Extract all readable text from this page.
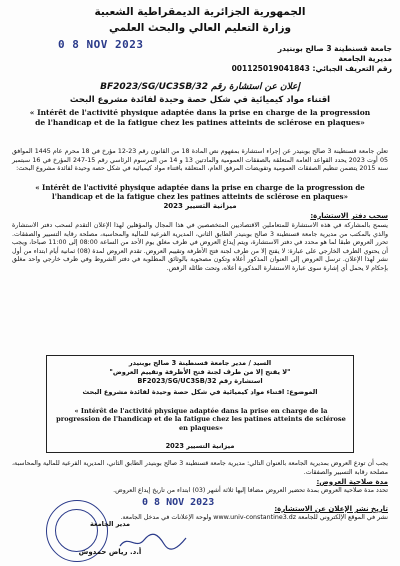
الجمهورية الجزائرية الديمقراطية الشعبية
وزارة التعليم العالي والبحث العلمي
0 8 NOV 2023	جامعة قسنطينة 3 صالح بوبنيدر
مديرية الجامعة
رقم التعريف الجبائي: 001125019041843
إعلان عن استشارة رقم BF2023/SG/UC3SB/32
اقتناء مواد كيميائية في شكل حصة وحيدة لفائدة مشروع البحث
« Intérêt de l'activité physique adaptée dans la prise en charge de la progression de l'handicap et de la fatigue chez les patines atteints de sclérose en plaques»
تعلن جامعة قسنطينة 3 صالح بوبنيدر عن إجراء استشارة بمفهوم نص المادة 18 من القانون رقم 23-12 مؤرخ في 18 محرم عام 1445 الموافق 05 أوت 2023 يحدد القواعد العامة المتعلقة بالصفقات العمومية والمادتين 13 و 14 من المرسوم الرئاسي رقم 15-247 المؤرخ في 16 سبتمبر سنة 2015 يتضمن تنظيم الصفقات العمومية وتفويضات المرفق العام، المتعلقة باقتناء مواد كيميائية في شكل حصة وحيدة لفائدة مشروع البحث:
« Intérêt de l'activité physique adaptée dans la prise en charge de la progression de l'handicap et de la fatigue chez les patines atteints de sclérose en plaques»
ميزانية التسيير 2023
سحب دفتر الاستشارة:
يسمح بالمشاركة في هذه الاستشارة للمتعاملين الاقتصاديين المتخصصين في هذا المجال والمؤهلين لهذا الإعلان التقدم لسحب دفتر الاستشارة والذي بالمكتب من مديرية جامعة قسنطينة 3 صالح بوبنيدر الطابق الثاني، المديرية الفرعية للمالية والمحاسبة، مصلحة رقابة التسيير والصفقات. تحرر العروض طبقا لما هو محدد في دفتر الاستشارة، ويتم إيداع العروض في ظرف مغلق يوم الأحد من الساعة 08:00 إلى 11:00 صباحا، ويجب أن يحتوي الظرف الخارجي على عبارة: لا يفتح إلا من طرف لجنة فتح الأظرفة وتقييم العروض. تقدم العروض لمدة (08) ثمانية أيام ابتداء من أول نشر لهذا الإعلان. ترسل العروض إلى العنوان المذكور أعلاه وتكون مصحوبة بالوثائق المطلوبة في دفتر الشروط وفي ظرف خارجي واحد مغلق بإحكام لا يحمل أي إشارة سوى عبارة الاستشارة المذكورة أعلاه، وتحت طائلة الرفض.
السيد / مدير جامعة قسنطينة 3 صالح بوبنيدر
"لا يفتح إلا من طرف لجنة فتح الأظرفة وتقييم العروض"
استشارة رقم BF2023/SG/UC3SB/32
الموضوع: اقتناء مواد كيميائية في شكل حصة وحيدة لفائدة مشروع البحث
« Intérêt de l'activité physique adaptée dans la prise en charge de la progression de l'handicap et de la fatigue chez les patines atteints de sclérose en plaques»
ميزانية التسيير 2023
يجب أن تودع العروض بمديرية الجامعة بالعنوان التالي: مديرية جامعة قسنطينة 3 صالح بوبنيدر الطابق الثاني، المديرية الفرعية للمالية والمحاسبة، مصلحة رقابة التسيير والصفقات.
مدة صلاحية العروض:
تحدد مدة صلاحية العروض بمدة تحضير العروض مضافا إليها ثلاثة أشهر (03) ابتداء من تاريخ إيداع العروض.
تاريخ نشر الإعلان عن الاستشارة:
نشر في الموقع الإلكتروني للجامعة www.univ-constantine3.dz ولوحة الإعلانات في مدخل الجامعة.
0 8 NOV 2023
مدير الجامعة
أ.د. رياض حمدوش
